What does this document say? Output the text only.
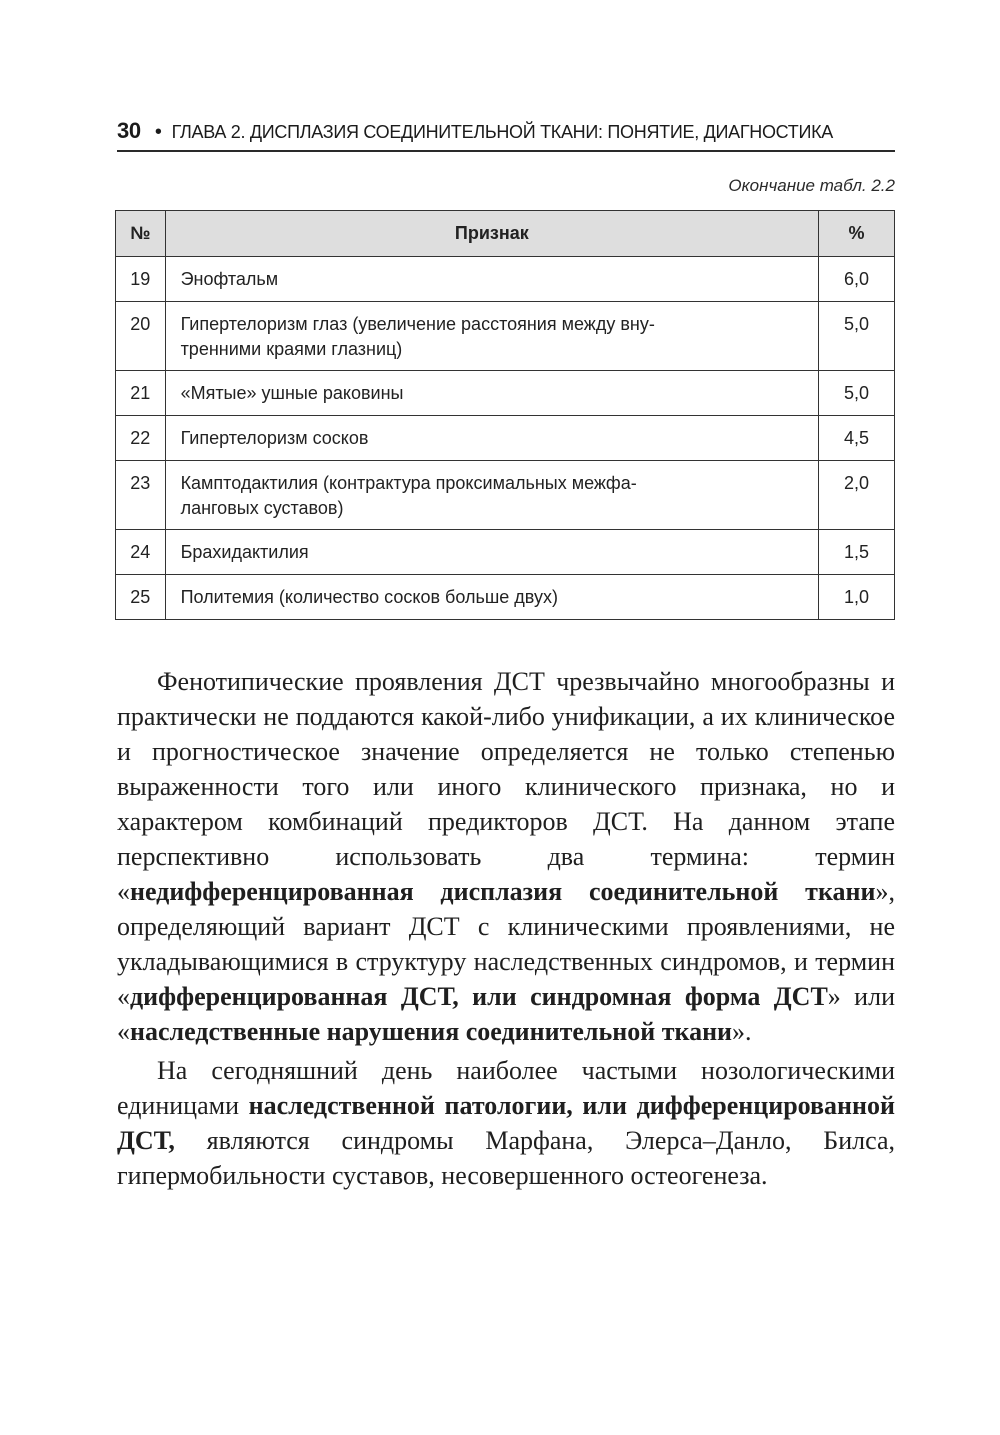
30 • ГЛАВА 2. ДИСПЛАЗИЯ СОЕДИНИТЕЛЬНОЙ ТКАНИ: ПОНЯТИЕ, ДИАГНОСТИКА
Окончание табл. 2.2
№	Признак	%
19	Энофтальм	6,0
20	Гипертелоризм глаз (увеличение расстояния между вну-
тренними краями глазниц)	5,0
21	«Мятые» ушные раковины	5,0
22	Гипертелоризм сосков	4,5
23	Камптодактилия (контрактура проксимальных межфа-
ланговых суставов)	2,0
24	Брахидактилия	1,5
25	Политемия (количество сосков больше двух)	1,0

Фенотипические проявления ДСТ чрезвычайно многообразны и практически не поддаются какой-либо унификации, а их клиническое и прогностическое значение определяется не только степенью выраженности того или иного клинического признака, но и характером комбинаций предикторов ДСТ. На данном этапе перспективно использовать два термина: термин «недифференцированная дисплазия соединительной ткани», определяющий вариант ДСТ с клиническими проявлениями, не укладывающимися в структуру наследственных синдромов, и термин «дифференцированная ДСТ, или синдромная форма ДСТ» или «наследственные нарушения соединительной ткани».

На сегодняшний день наиболее частыми нозологическими единицами наследственной патологии, или дифференцированной ДСТ, являются синдромы Марфана, Элерса–Данло, Билса, гипермобильности суставов, несовершенного остеогенеза.
